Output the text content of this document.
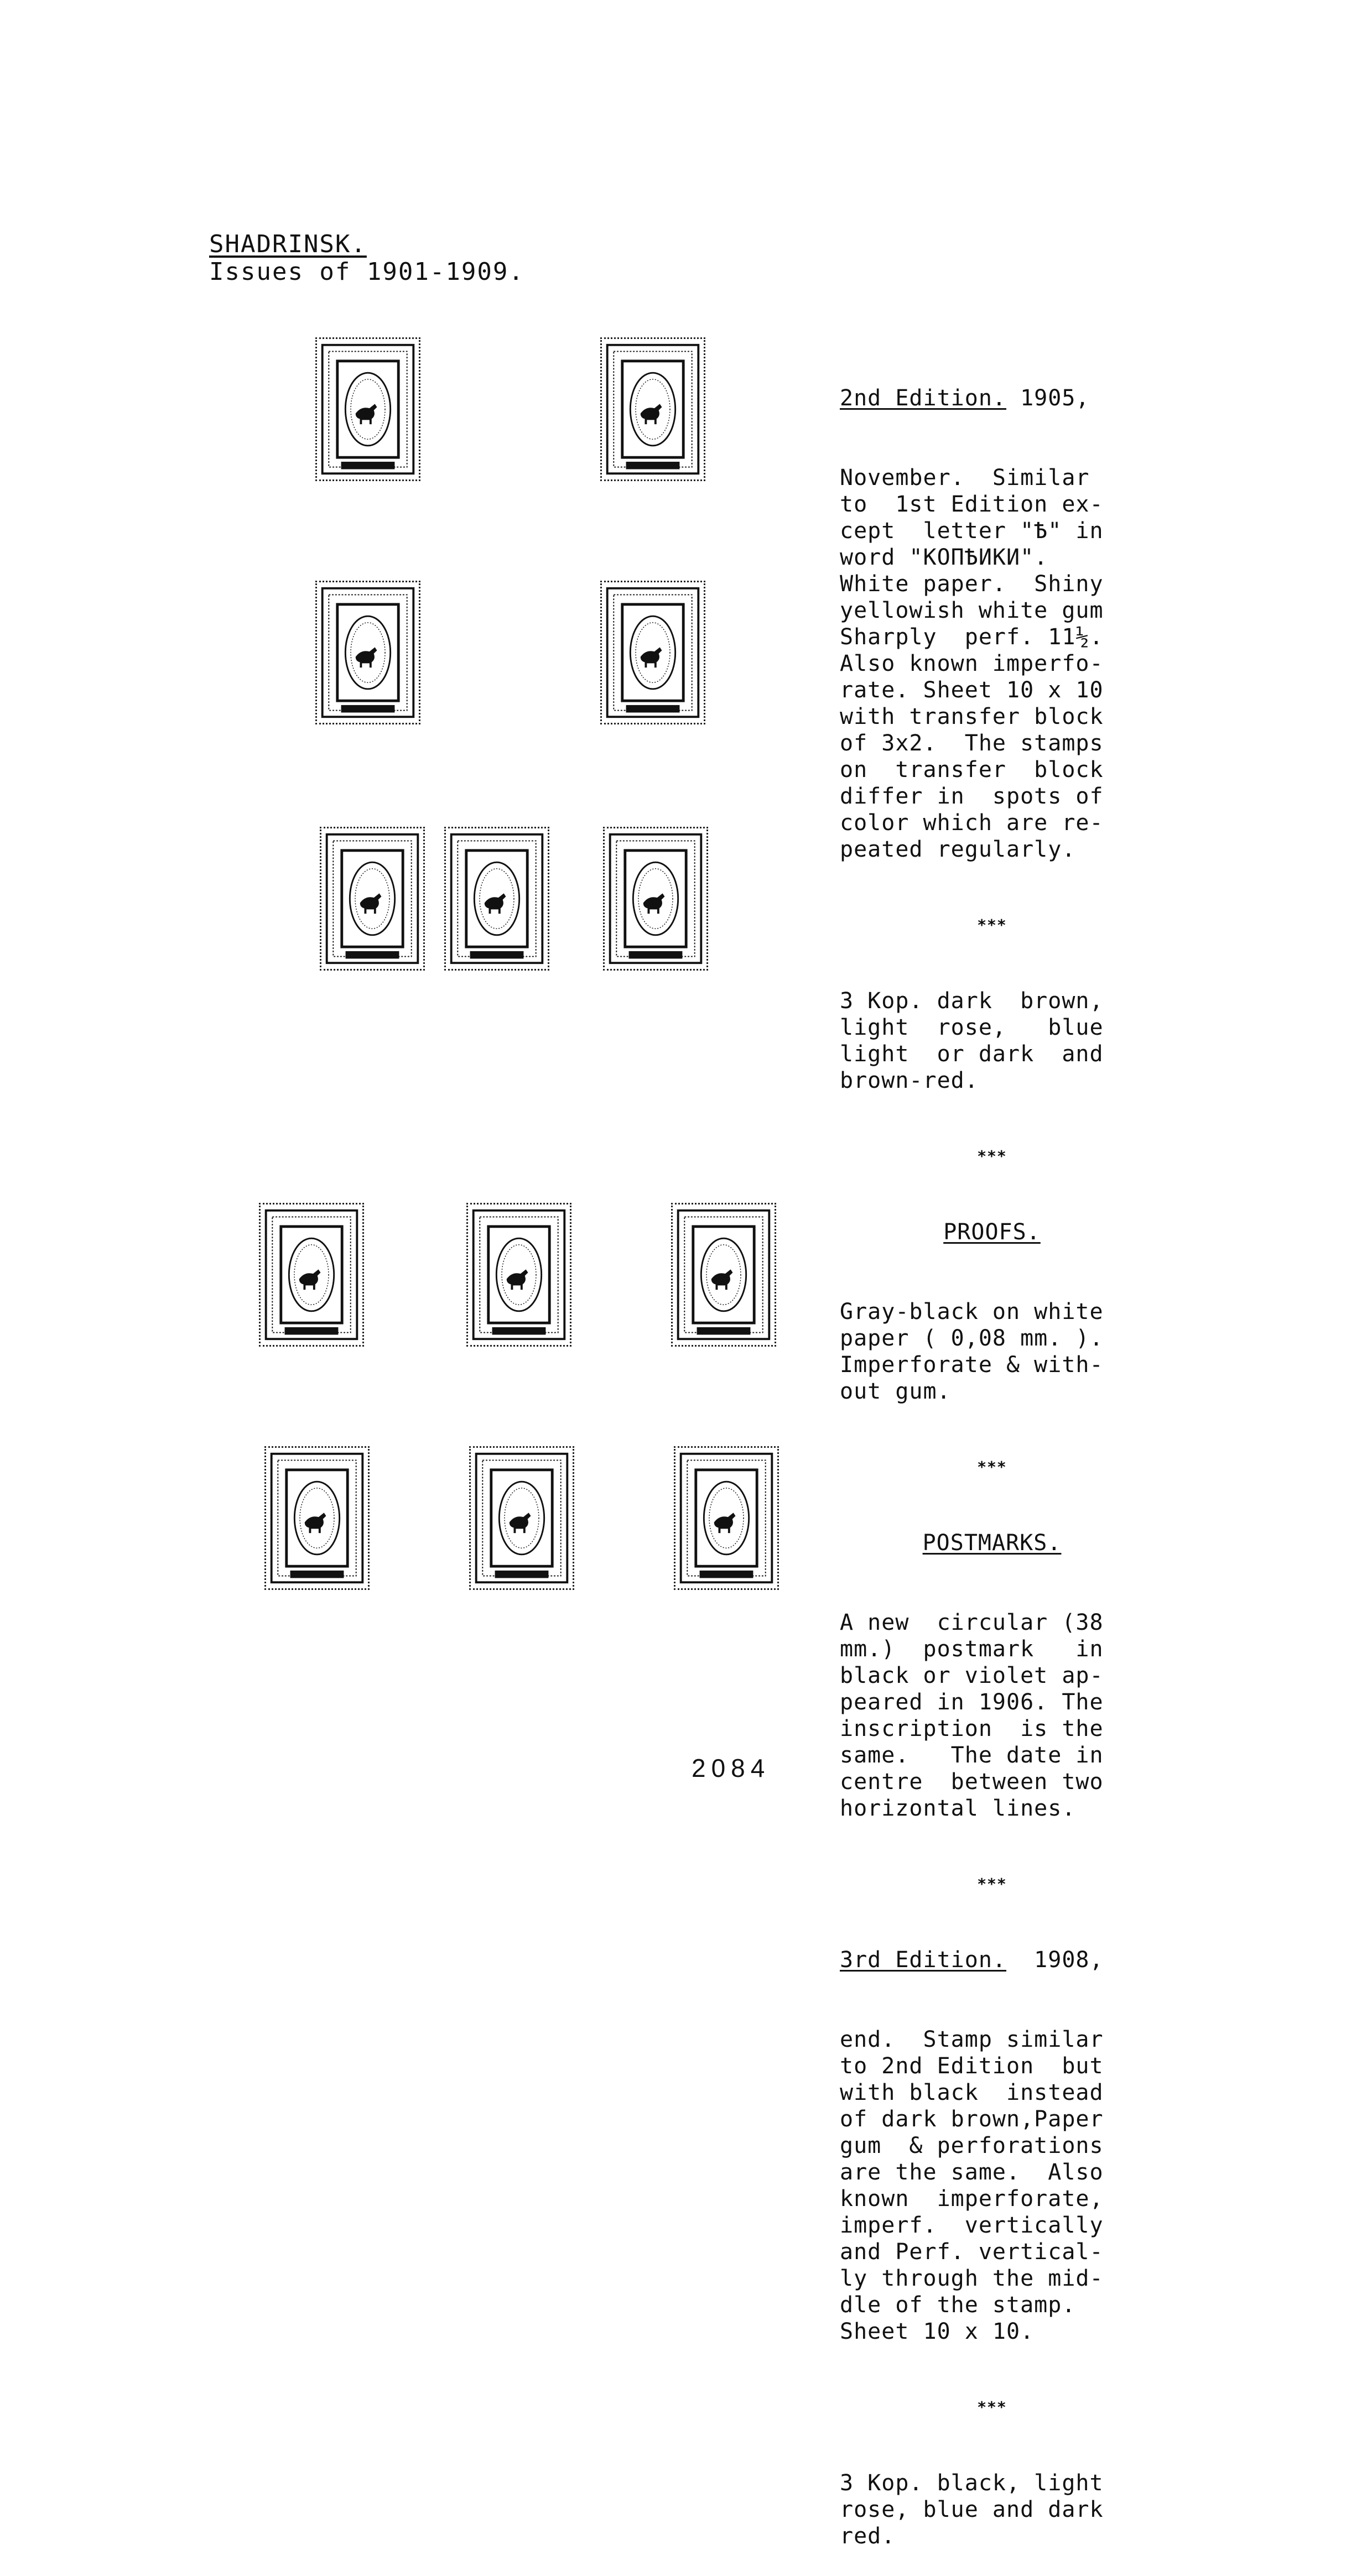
SHADRINSK.
Issues of 1901-1909.

2nd Edition. 1905,

November.  Similar
to  1st Edition ex-
cept  letter "Ѣ" in
word "КОПѢИКИ".
White paper.  Shiny
yellowish white gum
Sharply  perf. 11½.
Also known imperfo-
rate. Sheet 10 x 10
with transfer block
of 3x2.  The stamps
on  transfer  block
differ in  spots of
color which are re-
peated regularly.

***

3 Kop. dark  brown,
light  rose,   blue
light  or dark  and
brown-red.

***

PROOFS.

Gray-black on white
paper ( 0,08 mm. ).
Imperforate & with-
out gum.

***

POSTMARKS.

A new  circular (38
mm.)  postmark   in
black or violet ap-
peared in 1906. The
inscription  is the
same.   The date in
centre  between two
horizontal lines.

***

3rd Edition.  1908,

end.  Stamp similar
to 2nd Edition  but
with black  instead
of dark brown,Paper
gum  & perforations
are the same.  Also
known  imperforate,
imperf.  vertically
and Perf. vertical-
ly through the mid-
dle of the stamp.
Sheet 10 x 10.

***

3 Kop. black, light
rose, blue and dark
red.

2084
